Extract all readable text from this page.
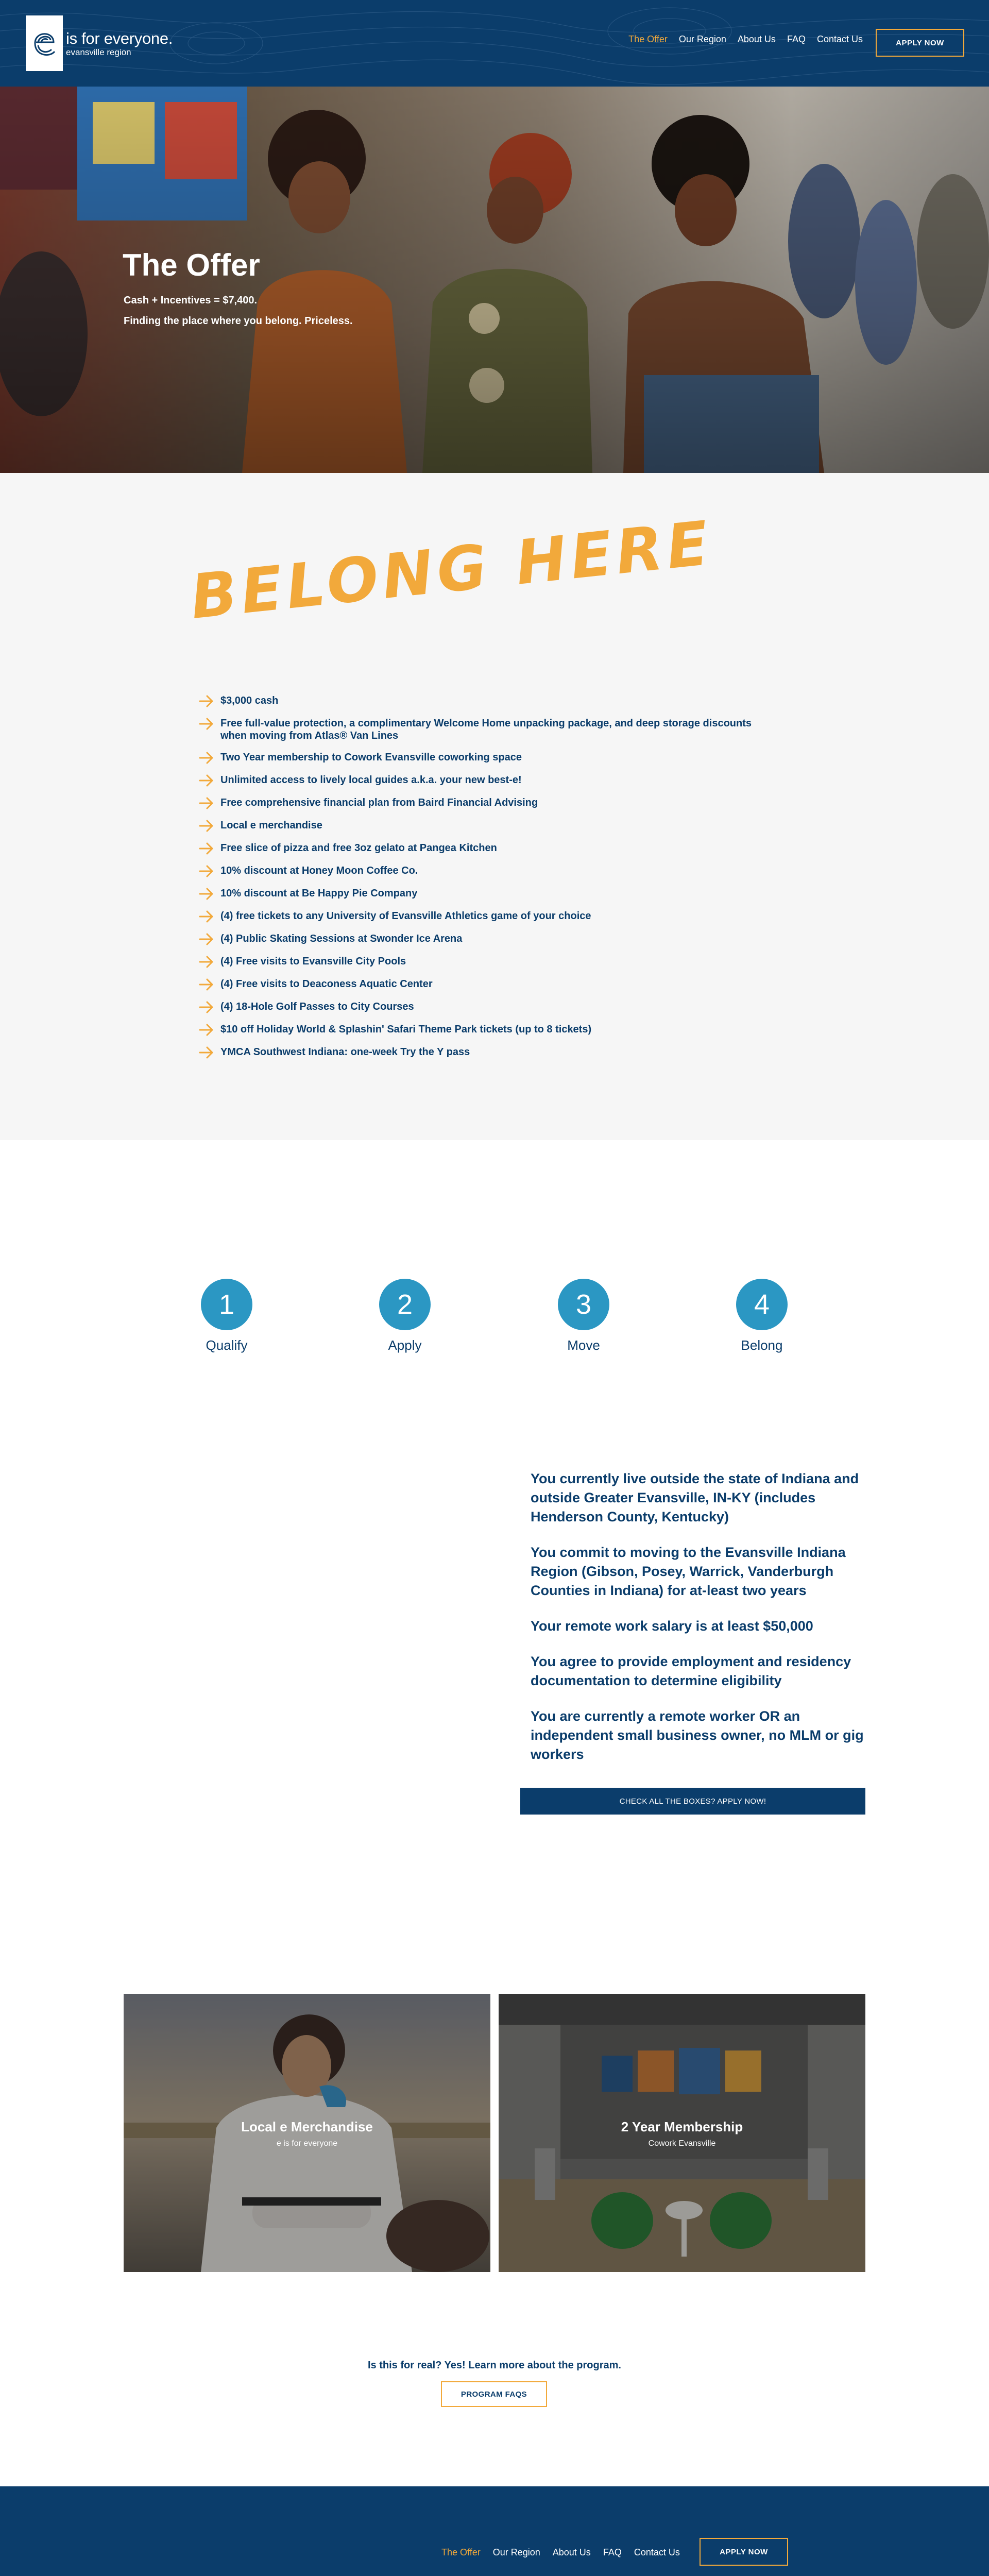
is for everyone.
evansville region
The Offer Our Region About Us FAQ Contact Us	APPLY NOW
The Offer
Cash + Incentives = $7,400.
Finding the place where you belong. Priceless.
BELONG HERE
$3,000 cash
Free full-value protection, a complimentary Welcome Home unpacking package, and deep storage discounts when moving from Atlas® Van Lines
Two Year membership to Cowork Evansville coworking space
Unlimited access to lively local guides a.k.a. your new best-e!
Free comprehensive financial plan from Baird Financial Advising
Local e merchandise
Free slice of pizza and free 3oz gelato at Pangea Kitchen
10% discount at Honey Moon Coffee Co.
10% discount at Be Happy Pie Company
(4) free tickets to any University of Evansville Athletics game of your choice
(4) Public Skating Sessions at Swonder Ice Arena
(4) Free visits to Evansville City Pools
(4) Free visits to Deaconess Aquatic Center
(4) 18-Hole Golf Passes to City Courses
$10 off Holiday World & Splashin' Safari Theme Park tickets (up to 8 tickets)
YMCA Southwest Indiana: one-week Try the Y pass
1
Qualify
2
Apply
3
Move
4
Belong

You currently live outside the state of Indiana and outside Greater Evansville, IN-KY (includes Henderson County, Kentucky)

You commit to moving to the Evansville Indiana Region (Gibson, Posey, Warrick, Vanderburgh Counties in Indiana) for at-least two years

Your remote work salary is at least $50,000

You agree to provide employment and residency documentation to determine eligibility

You are currently a remote worker OR an independent small business owner, no MLM or gig workers

CHECK ALL THE BOXES? APPLY NOW!
Local e Merchandise
e is for everyone
2 Year Membership
Cowork Evansville
Is this for real? Yes! Learn more about the program.
PROGRAM FAQS
The Offer Our Region About Us FAQ Contact Us	APPLY NOW
